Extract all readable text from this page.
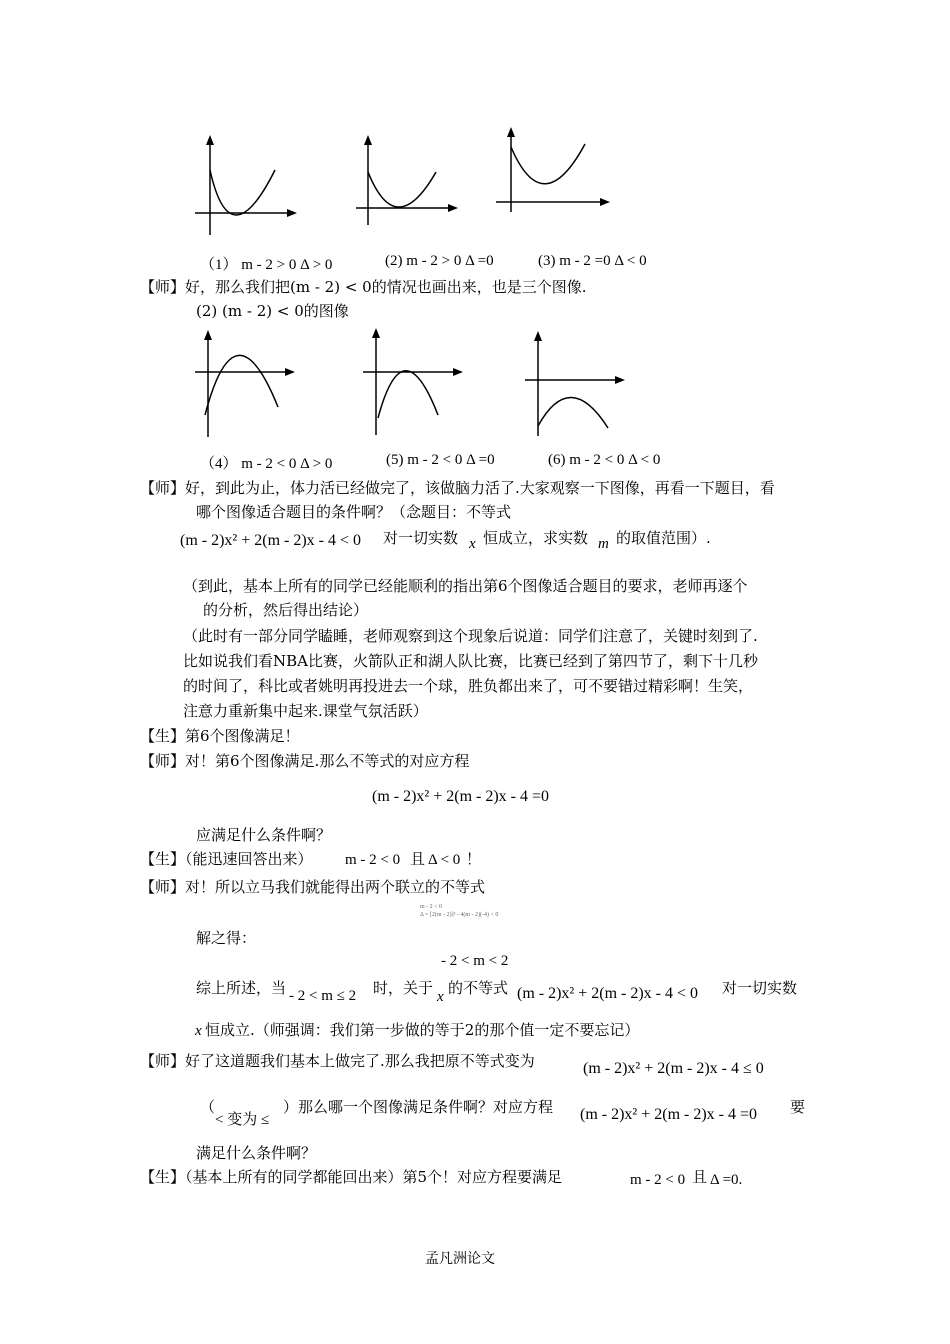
（1） m - 2 > 0 Δ > 0	(2) m - 2 > 0 Δ =0	(3) m - 2 =0 Δ < 0
【师】好，那么我们把(m - 2) < 0的情况也画出来，也是三个图像.
(2) (m - 2) < 0的图像
（4） m - 2 < 0 Δ > 0	(5) m - 2 < 0 Δ =0	(6) m - 2 < 0 Δ < 0
【师】好，到此为止，体力活已经做完了，该做脑力活了.大家观察一下图像，再看一下题目，看
哪个图像适合题目的条件啊？（念题目：不等式
(m - 2)x² + 2(m - 2)x - 4 < 0 对一切实数 x 恒成立，求实数 m 的取值范围）.
（到此，基本上所有的同学已经能顺利的指出第6个图像适合题目的要求，老师再逐个
的分析，然后得出结论）
（此时有一部分同学瞌睡，老师观察到这个现象后说道：同学们注意了，关键时刻到了.
比如说我们看NBA比赛，火箭队正和湖人队比赛，比赛已经到了第四节了，剩下十几秒
的时间了，科比或者姚明再投进去一个球，胜负都出来了，可不要错过精彩啊！生笑，
注意力重新集中起来.课堂气氛活跃）
【生】第6个图像满足！
【师】对！第6个图像满足.那么不等式的对应方程
(m - 2)x² + 2(m - 2)x - 4 =0
应满足什么条件啊？
【生】（能迅速回答出来） m - 2 < 0 且 Δ < 0 ！
【师】对！所以立马我们就能得出两个联立的不等式
m - 2 < 0
Δ = [2(m - 2)]² - 4(m - 2)(-4) < 0
解之得：
- 2 < m < 2
综上所述，当 - 2 < m ≤ 2 时，关于 x 的不等式 (m - 2)x² + 2(m - 2)x - 4 < 0 对一切实数
x 恒成立.（师强调：我们第一步做的等于2的那个值一定不要忘记）
【师】好了这道题我们基本上做完了.那么我把原不等式变为	(m - 2)x² + 2(m - 2)x - 4 ≤ 0
（
< 变为 ≤
）那么哪一个图像满足条件啊？对应方程 (m - 2)x² + 2(m - 2)x - 4 =0 要
满足什么条件啊？
【生】（基本上所有的同学都能回出来）第5个！对应方程要满足	m - 2 < 0 且 Δ =0.
孟凡洲论文
